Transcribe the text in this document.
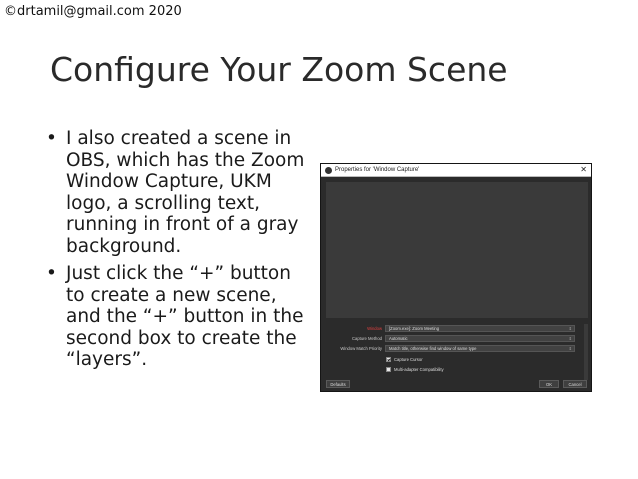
©drtamil@gmail.com 2020
Configure Your Zoom Scene
• I also created a scene in OBS, which has the Zoom Window Capture, UKM logo, a scrolling text, running in front of a gray background.
• Just click the “+” button to create a new scene, and the “+” button in the second box to create the “layers”.
Properties for 'Window Capture'	✕
Window	[Zoom.exe]: Zoom Meeting	⇕
Capture Method	Automatic	⇕
Window Match Priority	Match title, otherwise find window of same type	⇕
Capture Cursor
Multi-adapter Compatibility
Defaults	OK	Cancel
